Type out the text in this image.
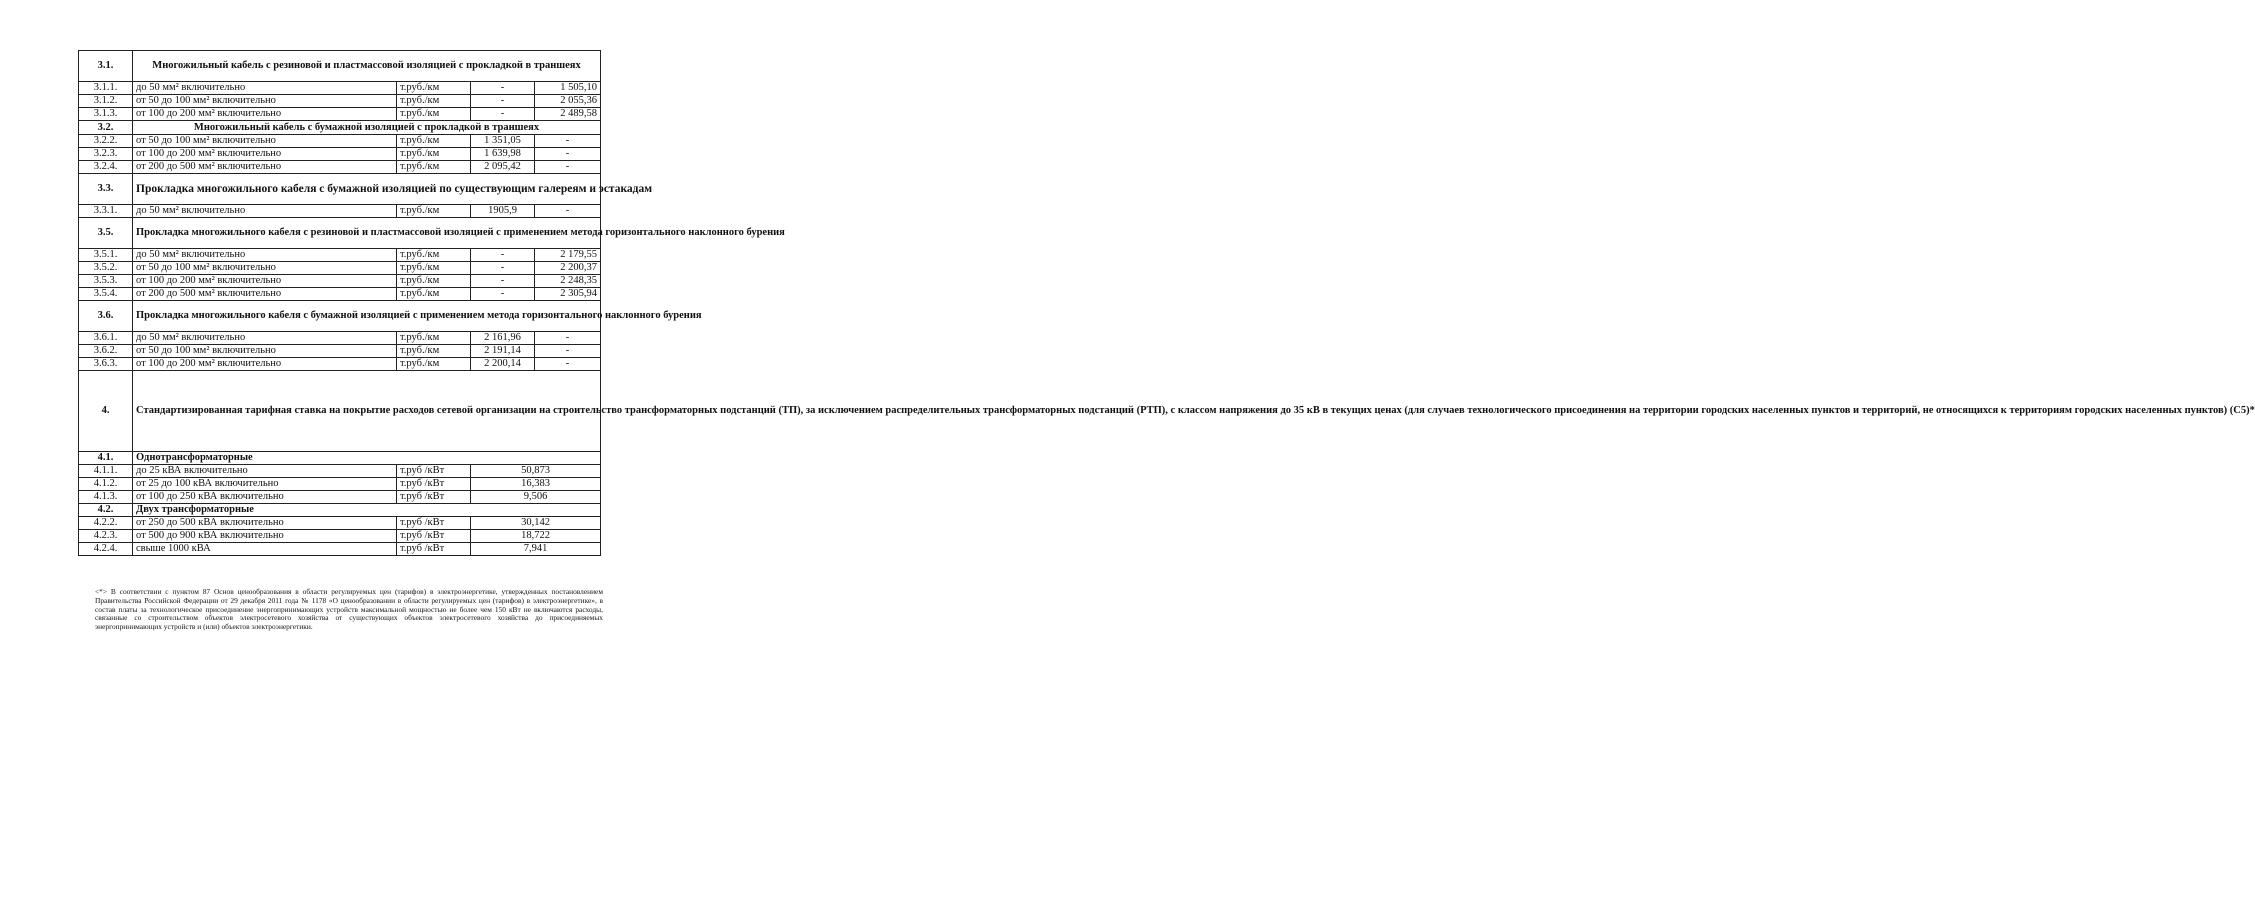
3.1.	Многожильный кабель с резиновой и пластмассовой изоляцией с прокладкой в траншеях			
3.1.1.	до 50 мм² включительно	т.руб./км	-	1 505,10
3.1.2.	от 50 до 100 мм² включительно	т.руб./км	-	2 055,36
3.1.3.	от 100 до 200 мм² включительно	т.руб./км	-	2 489,58
3.2.	Многожильный кабель с бумажной изоляцией с прокладкой в траншеях			
3.2.2.	от 50 до 100 мм² включительно	т.руб./км	1 351,05	-
3.2.3.	от 100 до 200 мм² включительно	т.руб./км	1 639,98	-
3.2.4.	от 200 до 500 мм² включительно	т.руб./км	2 095,42	-
3.3.	Прокладка многожильного кабеля с бумажной изоляцией по существующим галереям и эстакадам			
3.3.1.	до 50 мм² включительно	т.руб./км	1905,9	-
3.5.	Прокладка многожильного кабеля с резиновой и пластмассовой изоляцией с применением метода горизонтального наклонного бурения			
3.5.1.	до 50 мм² включительно	т.руб./км	-	2 179,55
3.5.2.	от 50 до 100 мм² включительно	т.руб./км	-	2 200,37
3.5.3.	от 100 до 200 мм² включительно	т.руб./км	-	2 248,35
3.5.4.	от 200 до 500 мм² включительно	т.руб./км	-	2 305,94
3.6.	Прокладка многожильного кабеля с бумажной изоляцией с применением метода горизонтального наклонного бурения			
3.6.1.	до 50 мм² включительно	т.руб./км	2 161,96	-
3.6.2.	от 50 до 100 мм² включительно	т.руб./км	2 191,14	-
3.6.3.	от 100 до 200 мм² включительно	т.руб./км	2 200,14	-
4.	Стандартизированная тарифная ставка на покрытие расходов сетевой организации на строительство трансформаторных подстанций (ТП), за исключением распределительных трансформаторных подстанций (РТП), с классом напряжения до 35 кВ в текущих ценах (для случаев технологического присоединения на территории городских населенных пунктов и территорий, не относящихся к территориям городских населенных пунктов) (С5)*			
4.1.	Однотрансформаторные			
4.1.1.	до 25 кВА включительно	т.руб /кВт	50,873	
4.1.2.	от 25 до 100 кВА включительно	т.руб /кВт	16,383	
4.1.3.	от 100 до 250 кВА включительно	т.руб /кВт	9,506	
4.2.	Двух трансформаторные			
4.2.2.	от 250 до 500 кВА включительно	т.руб /кВт	30,142	
4.2.3.	от 500 до 900 кВА включительно	т.руб /кВт	18,722	
4.2.4.	свыше 1000 кВА	т.руб /кВт	7,941	
<*> В соответствии с пунктом 87 Основ ценообразования в области регулируемых цен (тарифов) в электроэнергетике, утвержденных постановлением Правительства Российской Федерации от 29 декабря 2011 года № 1178 «О ценообразовании в области регулируемых цен (тарифов) в электроэнергетике», в состав платы за технологическое присоединение энергопринимающих устройств максимальной мощностью не более чем 150 кВт не включаются расходы, связанные со строительством объектов электросетевого хозяйства от существующих объектов электросетевого хозяйства до присоединяемых энергопринимающих устройств и (или) объектов электроэнергетики.
